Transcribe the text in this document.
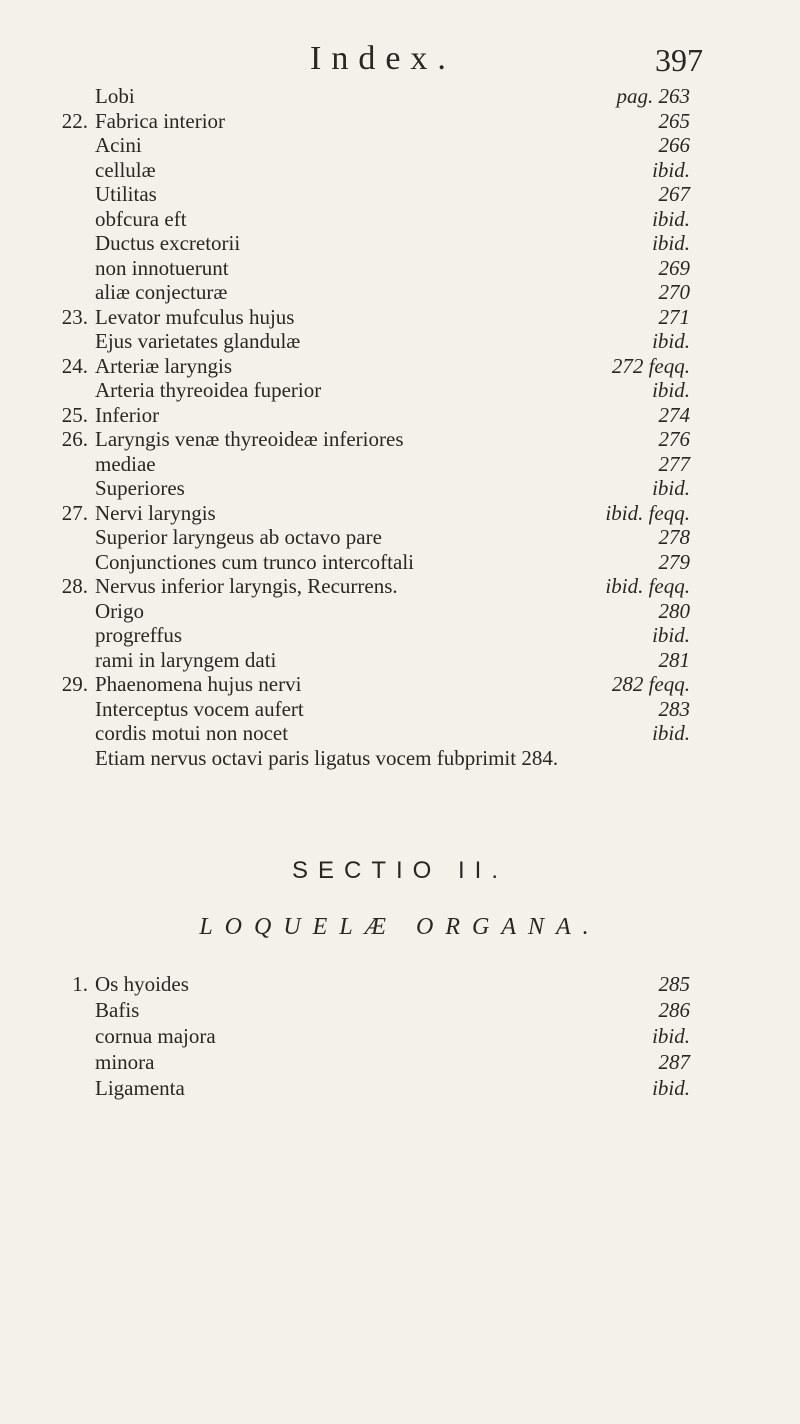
Index.	397
Lobi	pag. 263
22. Fabrica interior	265
Acini	266
cellulæ	ibid.
Utilitas	267
obfcura eft	ibid.
Ductus excretorii	ibid.
non innotuerunt	269
aliæ conjecturæ	270
23. Levator mufculus hujus	271
Ejus varietates glandulæ	ibid.
24. Arteriæ laryngis	272 feqq.
Arteria thyreoidea fuperior	ibid.
25. Inferior	274
26. Laryngis venæ thyreoideæ inferiores	276
mediae	277
Superiores	ibid.
27. Nervi laryngis	ibid. feqq.
Superior laryngeus ab octavo pare	278
Conjunctiones cum trunco intercoftali	279
28. Nervus inferior laryngis, Recurrens.	ibid. feqq.
Origo	280
progreffus	ibid.
rami in laryngem dati	281
29. Phaenomena hujus nervi	282 feqq.
Interceptus vocem aufert	283
cordis motui non nocet	ibid.
Etiam nervus octavi paris ligatus vocem fubprimit 284.
SECTIO II.
LOQUELÆ ORGANA.
1. Os hyoides	285
Bafis	286
cornua majora	ibid.
minora	287
Ligamenta	ibid.
